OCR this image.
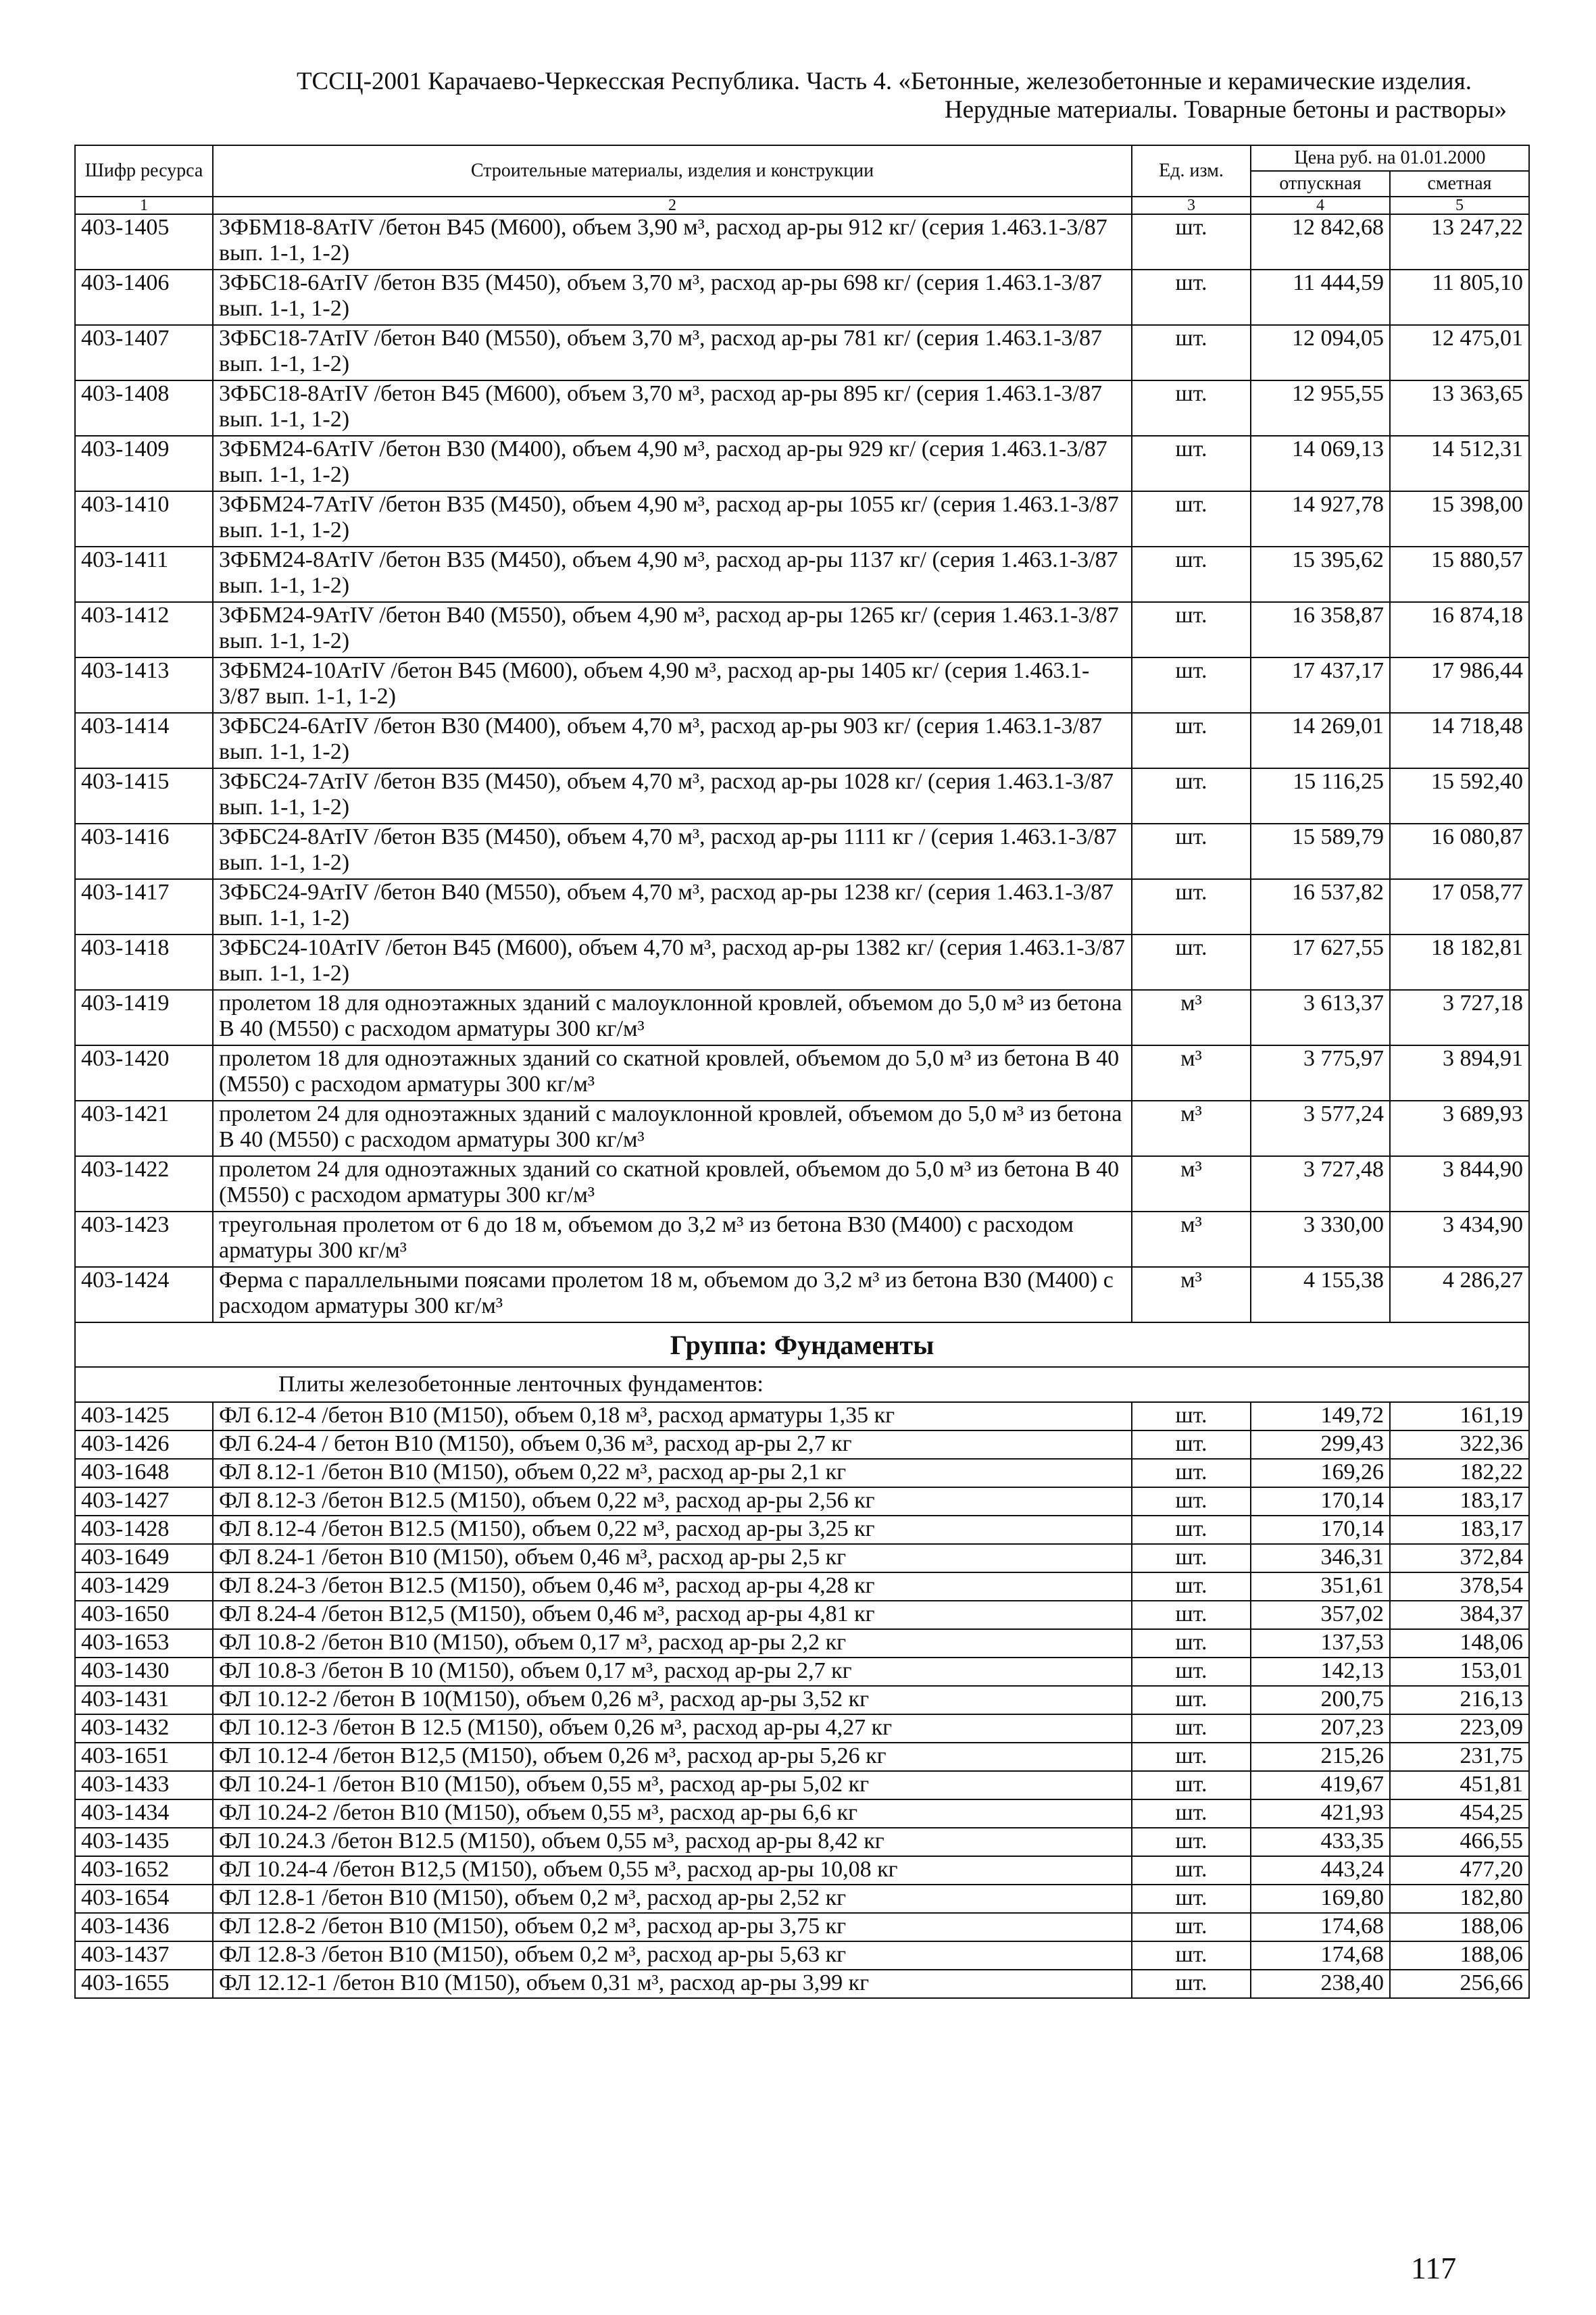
ТССЦ-2001 Карачаево-Черкесская Республика. Часть 4. «Бетонные, железобетонные и керамические изделия.
Нерудные материалы. Товарные бетоны и растворы»
Шифр ресурса	Строительные материалы, изделия и конструкции	Ед. изм.	Цена руб. на 01.01.2000	
			отпускная	сметная
1	2	3	4	5
403-1405	3ФБМ18-8АтIV /бетон В45 (М600), объем 3,90 м³, расход ар-ры 912 кг/ (серия 1.463.1-3/87 вып. 1-1, 1-2)	шт.	12 842,68	13 247,22
403-1406	3ФБС18-6АтIV /бетон В35 (М450), объем 3,70 м³, расход ар-ры 698 кг/ (серия 1.463.1-3/87 вып. 1-1, 1-2)	шт.	11 444,59	11 805,10
403-1407	3ФБС18-7АтIV /бетон В40 (М550), объем 3,70 м³, расход ар-ры 781 кг/ (серия 1.463.1-3/87 вып. 1-1, 1-2)	шт.	12 094,05	12 475,01
403-1408	3ФБС18-8АтIV /бетон В45 (М600), объем 3,70 м³, расход ар-ры 895 кг/ (серия 1.463.1-3/87 вып. 1-1, 1-2)	шт.	12 955,55	13 363,65
403-1409	3ФБМ24-6АтIV /бетон В30 (М400), объем 4,90 м³, расход ар-ры 929 кг/ (серия 1.463.1-3/87 вып. 1-1, 1-2)	шт.	14 069,13	14 512,31
403-1410	3ФБМ24-7АтIV /бетон В35 (М450), объем 4,90 м³, расход ар-ры 1055 кг/ (серия 1.463.1-3/87 вып. 1-1, 1-2)	шт.	14 927,78	15 398,00
403-1411	3ФБМ24-8АтIV /бетон В35 (М450), объем 4,90 м³, расход ар-ры 1137 кг/ (серия 1.463.1-3/87 вып. 1-1, 1-2)	шт.	15 395,62	15 880,57
403-1412	3ФБМ24-9АтIV /бетон В40 (М550), объем 4,90 м³, расход ар-ры 1265 кг/ (серия 1.463.1-3/87 вып. 1-1, 1-2)	шт.	16 358,87	16 874,18
403-1413	3ФБМ24-10АтIV /бетон В45 (М600), объем 4,90 м³, расход ар-ры 1405 кг/ (серия 1.463.1-3/87 вып. 1-1, 1-2)	шт.	17 437,17	17 986,44
403-1414	3ФБС24-6АтIV /бетон В30 (М400), объем 4,70 м³, расход ар-ры 903 кг/ (серия 1.463.1-3/87 вып. 1-1, 1-2)	шт.	14 269,01	14 718,48
403-1415	3ФБС24-7АтIV /бетон В35 (М450), объем 4,70 м³, расход ар-ры 1028 кг/ (серия 1.463.1-3/87 вып. 1-1, 1-2)	шт.	15 116,25	15 592,40
403-1416	3ФБС24-8АтIV /бетон В35 (М450), объем 4,70 м³, расход ар-ры 1111 кг / (серия 1.463.1-3/87 вып. 1-1, 1-2)	шт.	15 589,79	16 080,87
403-1417	3ФБС24-9АтIV /бетон В40 (М550), объем 4,70 м³, расход ар-ры 1238 кг/ (серия 1.463.1-3/87 вып. 1-1, 1-2)	шт.	16 537,82	17 058,77
403-1418	3ФБС24-10АтIV /бетон В45 (М600), объем 4,70 м³, расход ар-ры 1382 кг/ (серия 1.463.1-3/87 вып. 1-1, 1-2)	шт.	17 627,55	18 182,81
403-1419	пролетом 18 для одноэтажных зданий с малоуклонной кровлей, объемом до 5,0 м³ из бетона В 40 (М550) с расходом арматуры 300 кг/м³	м³	3 613,37	3 727,18
403-1420	пролетом 18 для одноэтажных зданий со скатной кровлей, объемом до 5,0 м³ из бетона В 40 (М550) с расходом арматуры 300 кг/м³	м³	3 775,97	3 894,91
403-1421	пролетом 24 для одноэтажных зданий с малоуклонной кровлей, объемом до 5,0 м³ из бетона В 40 (М550) с расходом арматуры 300 кг/м³	м³	3 577,24	3 689,93
403-1422	пролетом 24 для одноэтажных зданий со скатной кровлей, объемом до 5,0 м³ из бетона В 40 (М550) с расходом арматуры 300 кг/м³	м³	3 727,48	3 844,90
403-1423	треугольная пролетом от 6 до 18 м, объемом до 3,2 м³ из бетона В30 (М400) с расходом арматуры 300 кг/м³	м³	3 330,00	3 434,90
403-1424	Ферма с параллельными поясами пролетом 18 м, объемом до 3,2 м³ из бетона В30 (М400) с расходом арматуры 300 кг/м³	м³	4 155,38	4 286,27
Группа: Фундаменты				
Плиты железобетонные ленточных фундаментов:				
403-1425	ФЛ 6.12-4 /бетон В10 (М150), объем 0,18 м³, расход арматуры 1,35 кг	шт.	149,72	161,19
403-1426	ФЛ 6.24-4 / бетон В10 (М150), объем 0,36 м³, расход ар-ры 2,7 кг	шт.	299,43	322,36
403-1648	ФЛ 8.12-1 /бетон В10 (М150), объем 0,22 м³, расход ар-ры 2,1 кг	шт.	169,26	182,22
403-1427	ФЛ 8.12-3 /бетон В12.5 (М150), объем 0,22 м³, расход ар-ры 2,56 кг	шт.	170,14	183,17
403-1428	ФЛ 8.12-4 /бетон В12.5 (М150), объем 0,22 м³, расход ар-ры 3,25 кг	шт.	170,14	183,17
403-1649	ФЛ 8.24-1 /бетон В10 (М150), объем 0,46 м³, расход ар-ры 2,5 кг	шт.	346,31	372,84
403-1429	ФЛ 8.24-3 /бетон В12.5 (М150), объем 0,46 м³, расход ар-ры 4,28 кг	шт.	351,61	378,54
403-1650	ФЛ 8.24-4 /бетон В12,5 (М150), объем 0,46 м³, расход ар-ры 4,81 кг	шт.	357,02	384,37
403-1653	ФЛ 10.8-2 /бетон В10 (М150), объем 0,17 м³, расход ар-ры 2,2 кг	шт.	137,53	148,06
403-1430	ФЛ 10.8-3 /бетон В 10 (М150), объем 0,17 м³, расход ар-ры 2,7 кг	шт.	142,13	153,01
403-1431	ФЛ 10.12-2 /бетон В 10(М150), объем 0,26 м³, расход ар-ры 3,52 кг	шт.	200,75	216,13
403-1432	ФЛ 10.12-3 /бетон В 12.5 (М150), объем 0,26 м³, расход ар-ры 4,27 кг	шт.	207,23	223,09
403-1651	ФЛ 10.12-4 /бетон В12,5 (М150), объем 0,26 м³, расход ар-ры 5,26 кг	шт.	215,26	231,75
403-1433	ФЛ 10.24-1 /бетон В10 (М150), объем 0,55 м³, расход ар-ры 5,02 кг	шт.	419,67	451,81
403-1434	ФЛ 10.24-2 /бетон В10 (М150), объем 0,55 м³, расход ар-ры 6,6 кг	шт.	421,93	454,25
403-1435	ФЛ 10.24.3 /бетон В12.5 (М150), объем 0,55 м³, расход ар-ры 8,42 кг	шт.	433,35	466,55
403-1652	ФЛ 10.24-4 /бетон В12,5 (М150), объем 0,55 м³, расход ар-ры 10,08 кг	шт.	443,24	477,20
403-1654	ФЛ 12.8-1 /бетон В10 (М150), объем 0,2 м³, расход ар-ры 2,52 кг	шт.	169,80	182,80
403-1436	ФЛ 12.8-2 /бетон В10 (М150), объем 0,2 м³, расход ар-ры 3,75 кг	шт.	174,68	188,06
403-1437	ФЛ 12.8-3 /бетон В10 (М150), объем 0,2 м³, расход ар-ры 5,63 кг	шт.	174,68	188,06
403-1655	ФЛ 12.12-1 /бетон В10 (М150), объем 0,31 м³, расход ар-ры 3,99 кг	шт.	238,40	256,66
117
